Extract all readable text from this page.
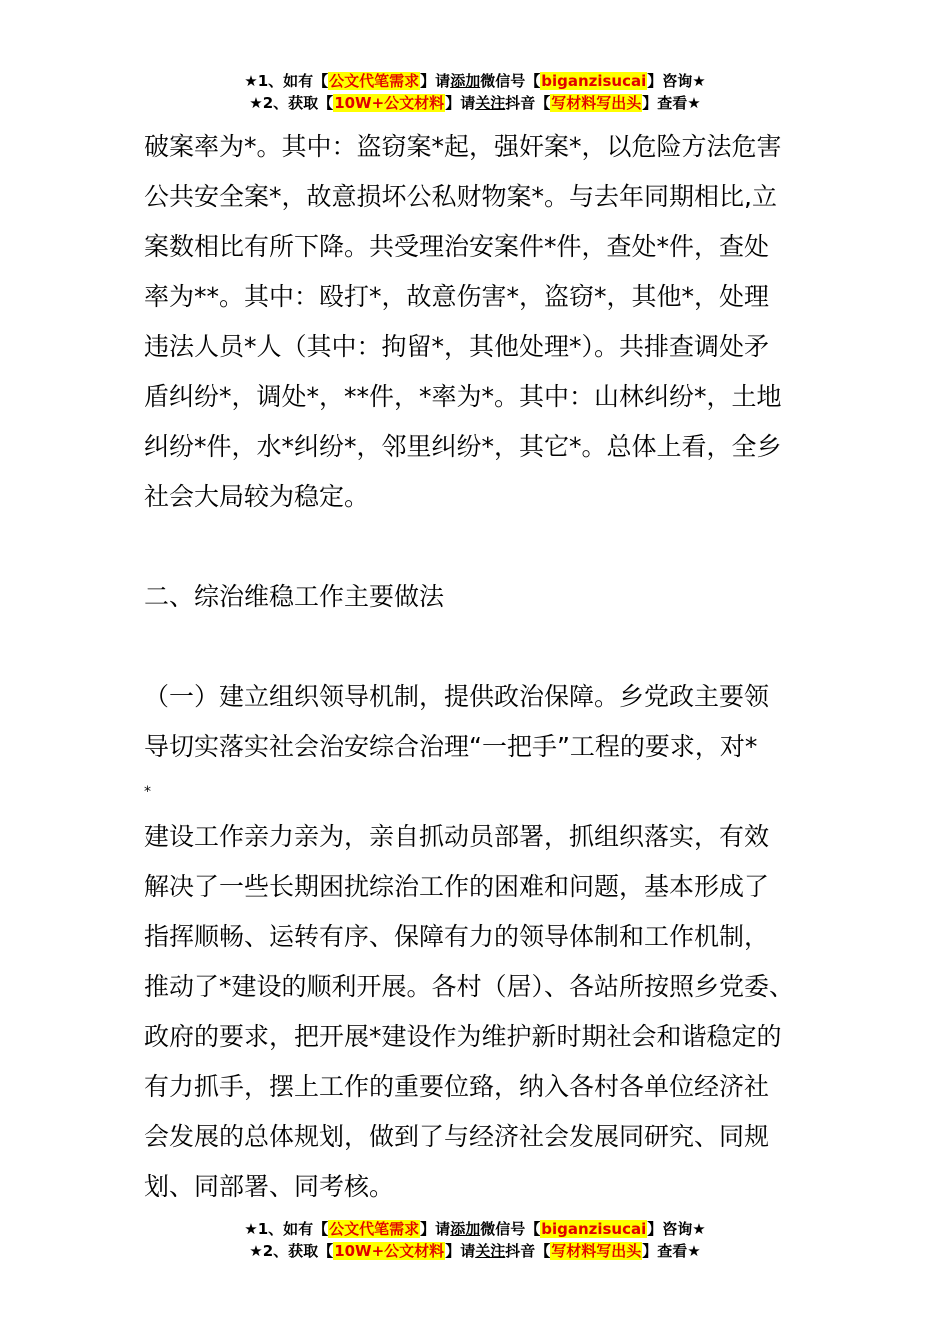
★1、如有【公文代笔需求】请添加微信号【biganzisucai】咨询★
★2、获取【10W+公文材料】请关注抖音【写材料写出头】查看★

破案率为*。其中：盗窃案*起，强奸案*，以危险方法危害
公共安全案*，故意损坏公私财物案*。与去年同期相比,立
案数相比有所下降。共受理治安案件*件，查处*件，查处
率为**。其中：殴打*，故意伤害*，盗窃*，其他*，处理
违法人员*人（其中：拘留*，其他处理*）。共排查调处矛
盾纠纷*，调处*，**件，*率为*。其中：山林纠纷*，土地
纠纷*件，水*纠纷*，邻里纠纷*，其它*。总体上看，全乡
社会大局较为稳定。

二、综治维稳工作主要做法

（一）建立组织领导机制，提供政治保障。乡党政主要领
导切实落实社会治安综合治理“一把手”工程的要求，对*
*

建设工作亲力亲为，亲自抓动员部署，抓组织落实，有效
解决了一些长期困扰综治工作的困难和问题，基本形成了
指挥顺畅、运转有序、保障有力的领导体制和工作机制，
推动了*建设的顺利开展。各村（居）、各站所按照乡党委、
政府的要求，把开展*建设作为维护新时期社会和谐稳定的
有力抓手，摆上工作的重要位臵，纳入各村各单位经济社
会发展的总体规划，做到了与经济社会发展同研究、同规
划、同部署、同考核。

★1、如有【公文代笔需求】请添加微信号【biganzisucai】咨询★
★2、获取【10W+公文材料】请关注抖音【写材料写出头】查看★
